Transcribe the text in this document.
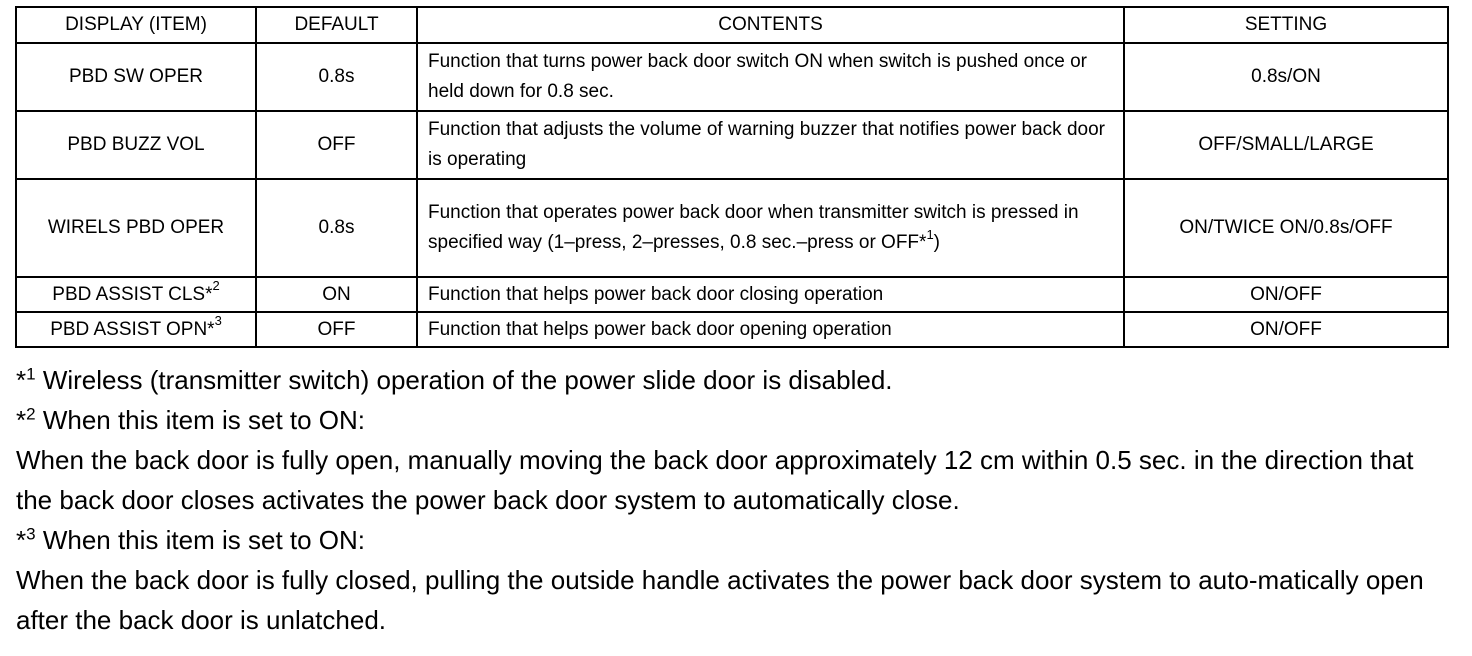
DISPLAY (ITEM)	DEFAULT	CONTENTS	SETTING
PBD SW OPER	0.8s	Function that turns power back door switch ON when switch is pushed once or held down for 0.8 sec.	0.8s/ON
PBD BUZZ VOL	OFF	Function that adjusts the volume of warning buzzer that notifies power back door is operating	OFF/SMALL/LARGE
WIRELS PBD OPER	0.8s	Function that operates power back door when transmitter switch is pressed in specified way (1–press, 2–presses, 0.8 sec.–press or OFF*$^1$)	ON/TWICE ON/0.8s/OFF
PBD ASSIST CLS*$^2$	ON	Function that helps power back door closing operation	ON/OFF
PBD ASSIST OPN*$^3$	OFF	Function that helps power back door opening operation	ON/OFF

*$^1$ Wireless (transmitter switch) operation of the power slide door is disabled.

*$^2$ When this item is set to ON:

When the back door is fully open, manually moving the back door approximately 12 cm within 0.5 sec. in the direction that the back door closes activates the power back door system to automatically close.

*$^3$ When this item is set to ON:

When the back door is fully closed, pulling the outside handle activates the power back door system to auto-matically open after the back door is unlatched.
